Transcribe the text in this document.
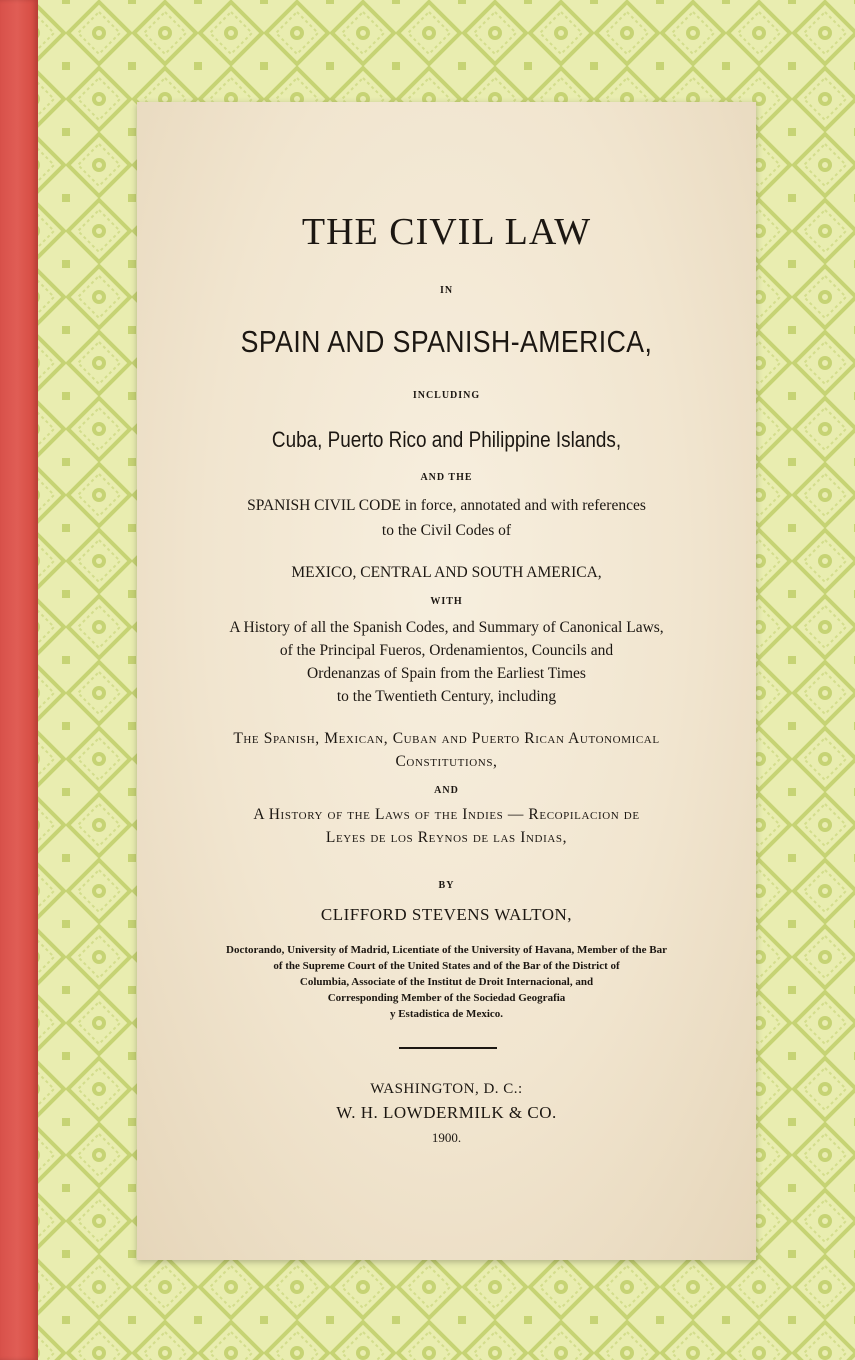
THE CIVIL LAW
IN
SPAIN AND SPANISH-AMERICA,
INCLUDING
Cuba, Puerto Rico and Philippine Islands,
AND THE
SPANISH CIVIL CODE in force, annotated and with references
to the Civil Codes of
MEXICO, CENTRAL AND SOUTH AMERICA,
WITH
A History of all the Spanish Codes, and Summary of Canonical Laws,
of the Principal Fueros, Ordenamientos, Councils and
Ordenanzas of Spain from the Earliest Times
to the Twentieth Century, including
The Spanish, Mexican, Cuban and Puerto Rican Autonomical
Constitutions,
AND
A History of the Laws of the Indies — Recopilacion de
Leyes de los Reynos de las Indias,
BY
CLIFFORD STEVENS WALTON,
Doctorando, University of Madrid, Licentiate of the University of Havana, Member of the Bar
of the Supreme Court of the United States and of the Bar of the District of
Columbia, Associate of the Institut de Droit Internacional, and
Corresponding Member of the Sociedad Geografia
y Estadistica de Mexico.
WASHINGTON, D. C.:
W. H. LOWDERMILK & CO.
1900.
